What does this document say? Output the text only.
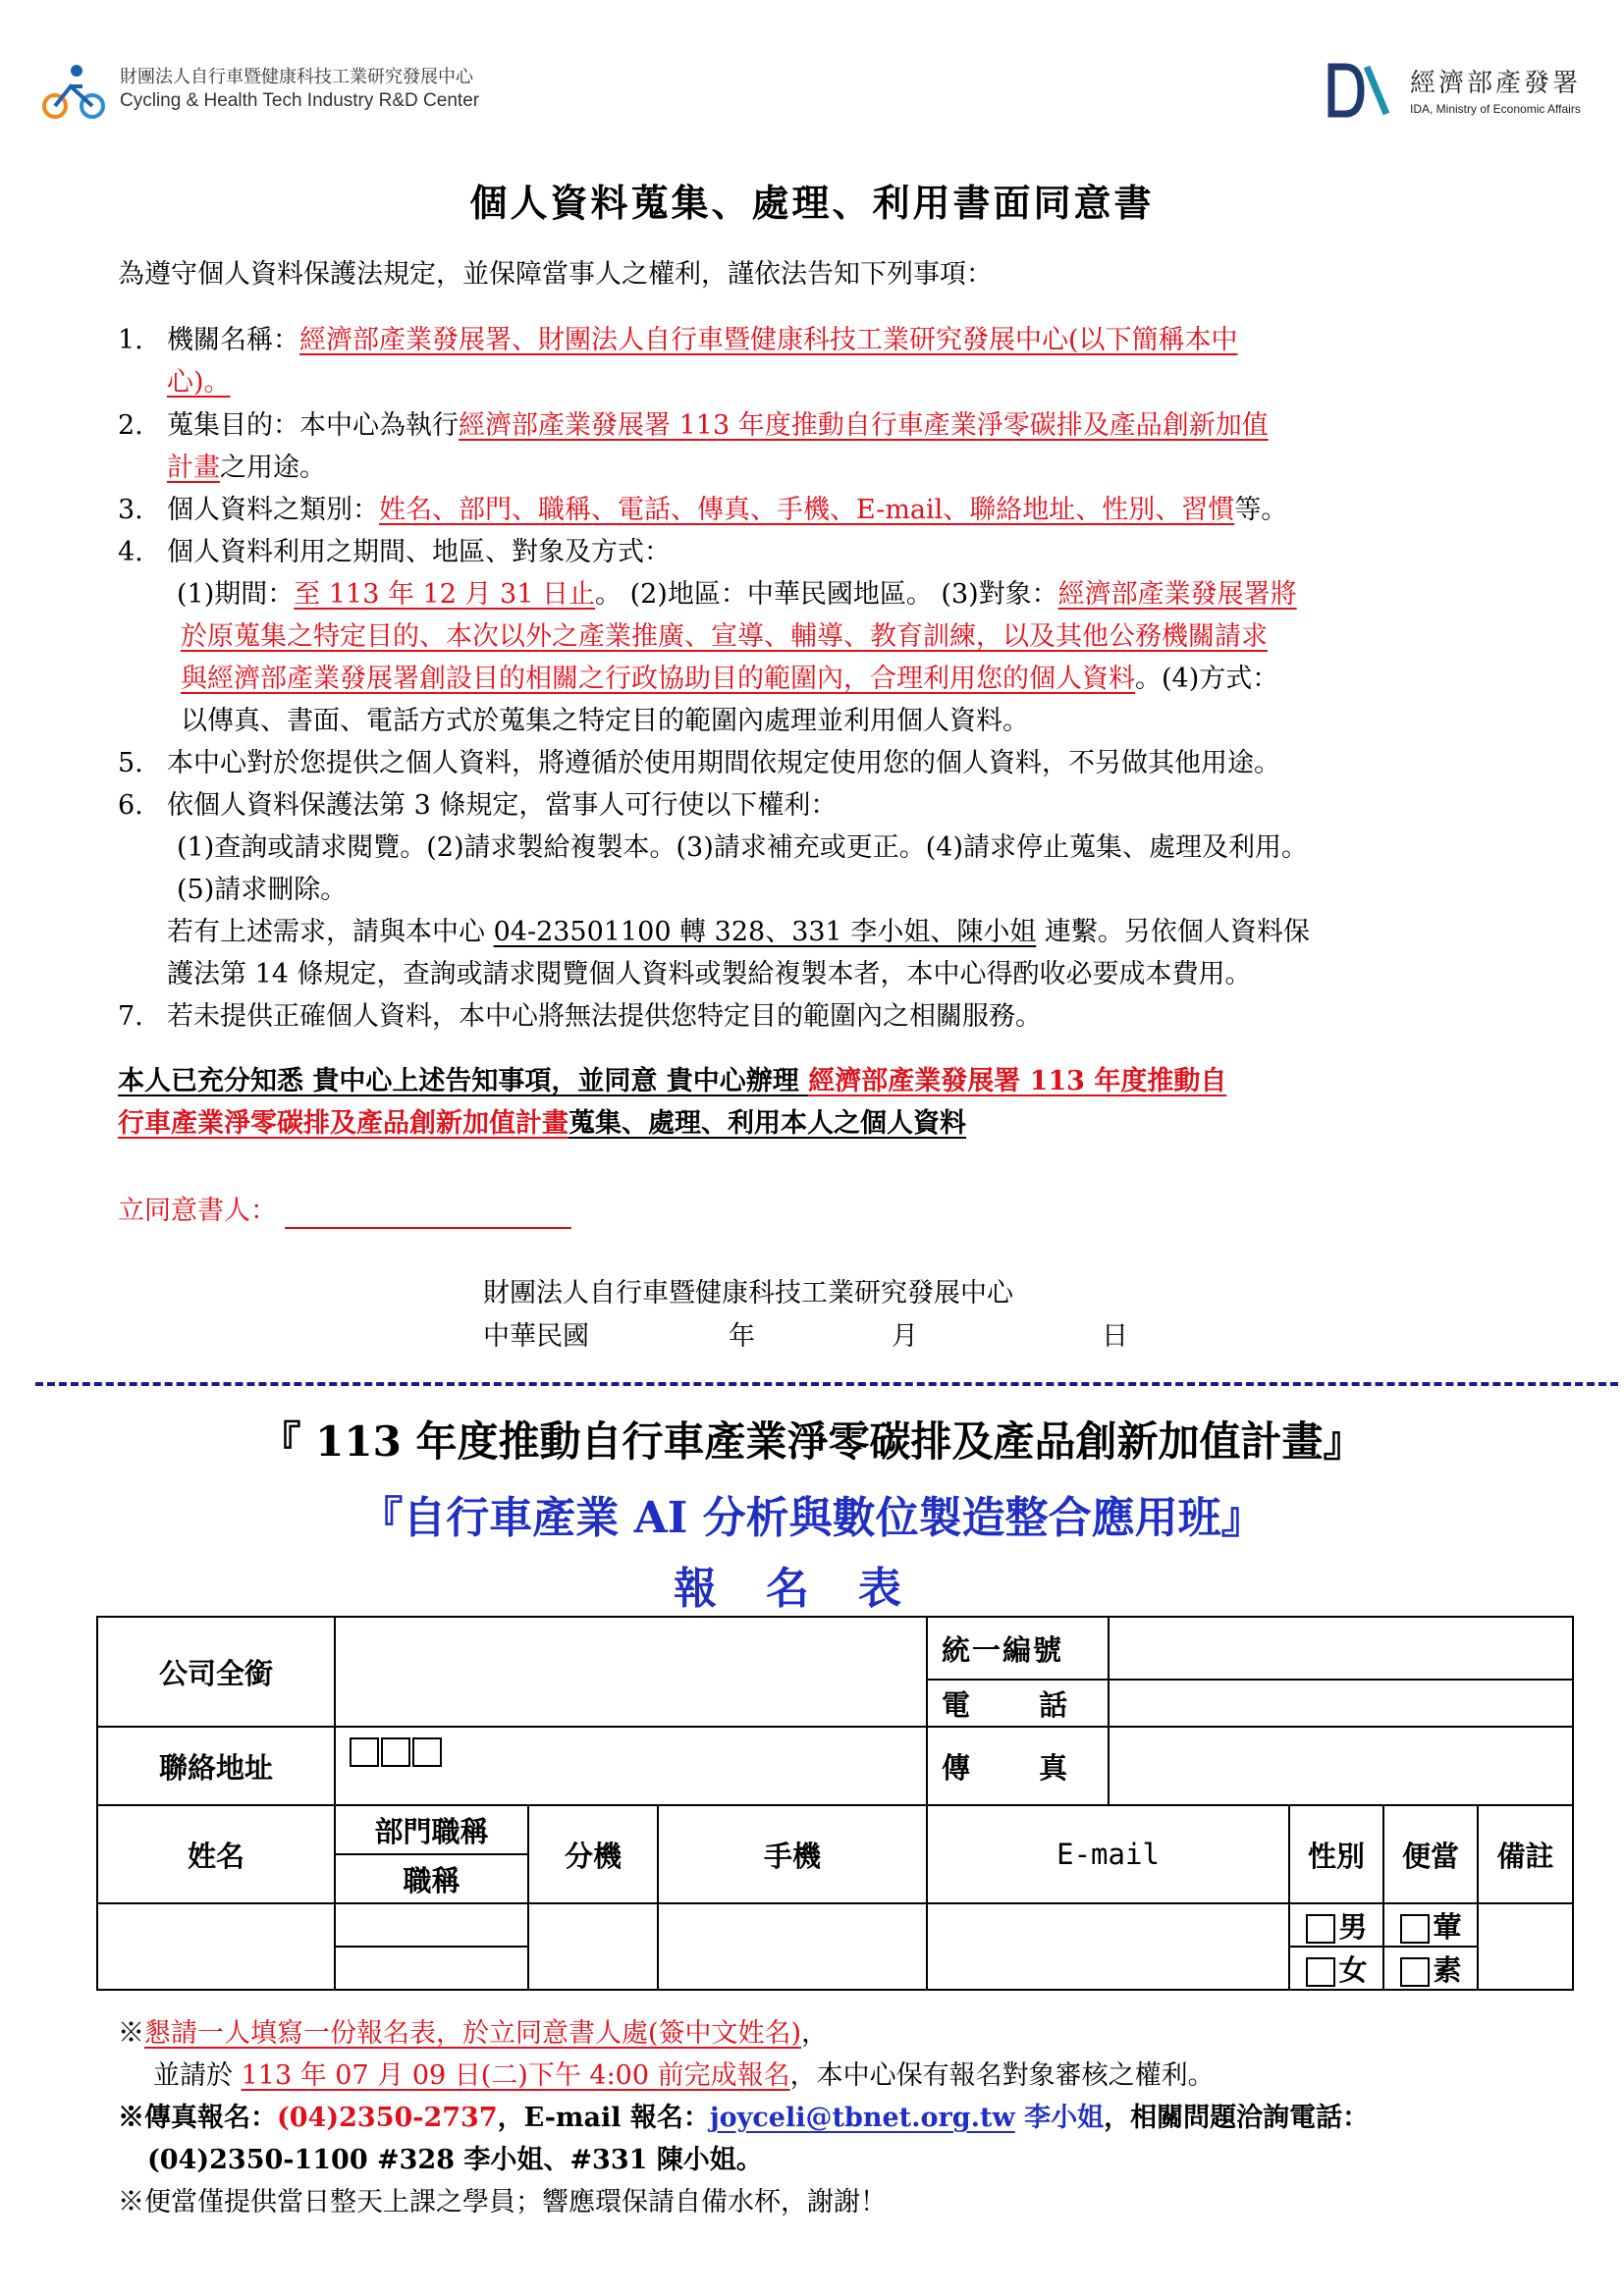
財團法人自行車暨健康科技工業研究發展中心
Cycling & Health Tech Industry R&D Center
經濟部產發署
IDA, Ministry of Economic Affairs
個人資料蒐集、處理、利用書面同意書
為遵守個人資料保護法規定，並保障當事人之權利，謹依法告知下列事項：
1. 機關名稱：經濟部產業發展署、財團法人自行車暨健康科技工業研究發展中心(以下簡稱本中
心)。
2. 蒐集目的：本中心為執行經濟部產業發展署 113 年度推動自行車產業淨零碳排及產品創新加值
計畫之用途。
3. 個人資料之類別：姓名、部門、職稱、電話、傳真、手機、E-mail、聯絡地址、性別、習慣等。
4. 個人資料利用之期間、地區、對象及方式：
(1)期間：至 113 年 12 月 31 日止。 (2)地區：中華民國地區。 (3)對象：經濟部產業發展署將
於原蒐集之特定目的、本次以外之產業推廣、宣導、輔導、教育訓練，以及其他公務機關請求
與經濟部產業發展署創設目的相關之行政協助目的範圍內，合理利用您的個人資料。(4)方式：
以傳真、書面、電話方式於蒐集之特定目的範圍內處理並利用個人資料。
5. 本中心對於您提供之個人資料，將遵循於使用期間依規定使用您的個人資料，不另做其他用途。
6. 依個人資料保護法第 3 條規定，當事人可行使以下權利：
(1)查詢或請求閱覽。(2)請求製給複製本。(3)請求補充或更正。(4)請求停止蒐集、處理及利用。
(5)請求刪除。
若有上述需求，請與本中心 04-23501100 轉 328、331 李小姐、陳小姐 連繫。另依個人資料保
護法第 14 條規定，查詢或請求閱覽個人資料或製給複製本者，本中心得酌收必要成本費用。
7. 若未提供正確個人資料，本中心將無法提供您特定目的範圍內之相關服務。
本人已充分知悉 貴中心上述告知事項，並同意 貴中心辦理 經濟部產業發展署 113 年度推動自
行車產業淨零碳排及產品創新加值計畫蒐集、處理、利用本人之個人資料
立同意書人：
財團法人自行車暨健康科技工業研究發展中心
中華民國	年	月	日
『 113 年度推動自行車產業淨零碳排及產品創新加值計畫』
『自行車產業 AI 分析與數位製造整合應用班』
報名表
公司全銜				統一編號				
				電 話				
聯絡地址				傳 真				
姓名	部門職稱	分機	手機	E-mail		性別	便當	備註
	職稱							
						男	葷	
						女	素	
※懇請一人填寫一份報名表，於立同意書人處(簽中文姓名)，
並請於 113 年 07 月 09 日(二)下午 4:00 前完成報名，本中心保有報名對象審核之權利。
※傳真報名：(04)2350-2737，E-mail 報名：joyceli@tbnet.org.tw 李小姐，相關問題洽詢電話：
(04)2350-1100 #328 李小姐、#331 陳小姐。
※便當僅提供當日整天上課之學員；響應環保請自備水杯，謝謝！
